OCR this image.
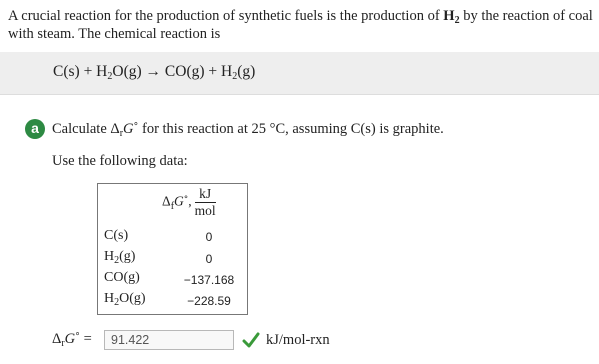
A crucial reaction for the production of synthetic fuels is the production of $H_2$ by the reaction of coal with steam. The chemical reaction is
C(s) + H2O(g) → CO(g) + H2(g)
a Calculate $\Delta_rG˚$ for this reaction at 25 °C, assuming C(s) is graphite.
Use the following data:
$\Delta_fG˚$, $\frac{kJ}{\text{mol}}$
C(s)	0
$H_2(g)$	0
CO(g)	−137.168
$H_2O(g)$	−228.59
$\Delta_rG˚$ =	91.422	kJ/mol-rxn
